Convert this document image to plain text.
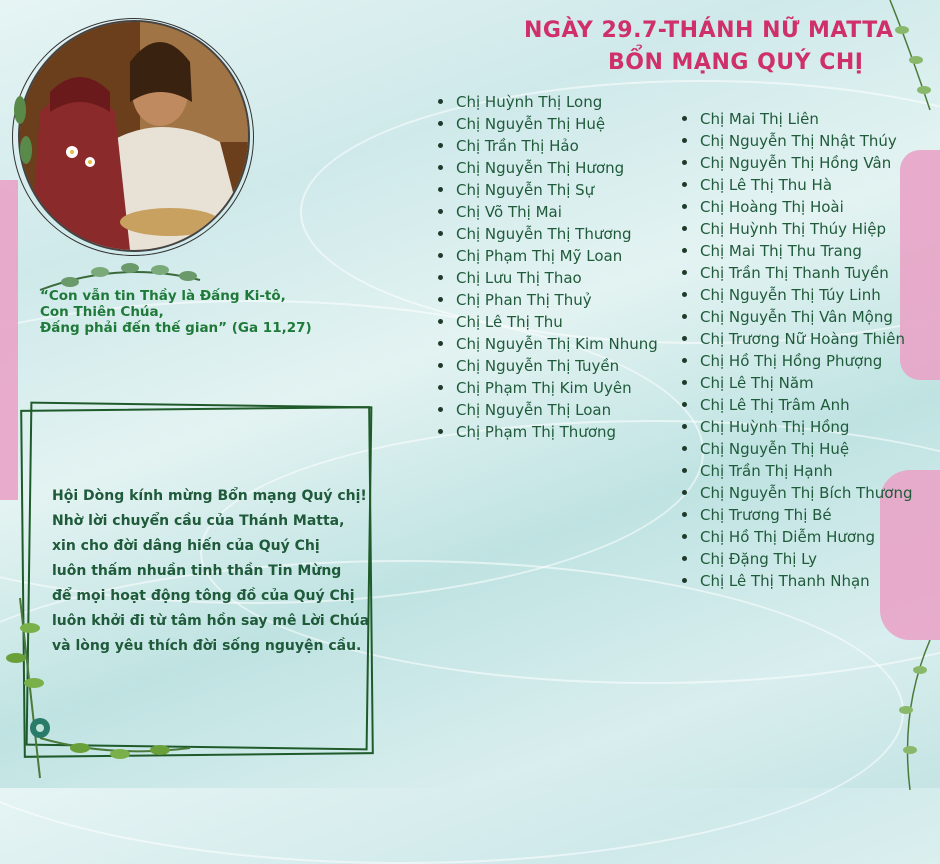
NGÀY 29.7-THÁNH NỮ MATTA
BỔN MẠNG QUÝ CHỊ
“Con vẫn tin Thầy là Đấng Ki-tô,
Con Thiên Chúa,
Đấng phải đến thế gian” (Ga 11,27)
Hội Dòng kính mừng Bổn mạng Quý chị!
Nhờ lời chuyển cầu của Thánh Matta,
xin cho đời dâng hiến của Quý Chị
luôn thấm nhuần tinh thần Tin Mừng
để mọi hoạt động tông đồ của Quý Chị
luôn khởi đi từ tâm hồn say mê Lời Chúa
và lòng yêu thích đời sống nguyện cầu.
Chị Huỳnh Thị Long
Chị Nguyễn Thị Huệ
Chị Trần Thị Hảo
Chị Nguyễn Thị Hương
Chị Nguyễn Thị Sự
Chị Võ Thị Mai
Chị Nguyễn Thị Thương
Chị Phạm Thị Mỹ Loan
Chị Lưu Thị Thao
Chị Phan Thị Thuỷ
Chị Lê Thị Thu
Chị Nguyễn Thị Kim Nhung
Chị Nguyễn Thị Tuyền
Chị Phạm Thị Kim Uyên
Chị Nguyễn Thị Loan
Chị Phạm Thị Thương
Chị Mai Thị Liên
Chị Nguyễn Thị Nhật Thúy
Chị Nguyễn Thị Hồng Vân
Chị Lê Thị Thu Hà
Chị Hoàng Thị Hoài
Chị Huỳnh Thị Thúy Hiệp
Chị Mai Thị Thu Trang
Chị Trần Thị Thanh Tuyền
Chị Nguyễn Thị Túy Linh
Chị Nguyễn Thị Vân Mộng
Chị Trương Nữ Hoàng Thiên
Chị Hồ Thị Hồng Phượng
Chị Lê Thị Năm
Chị Lê Thị Trâm Anh
Chị Huỳnh Thị Hồng
Chị Nguyễn Thị Huệ
Chị Trần Thị Hạnh
Chị Nguyễn Thị Bích Thương
Chị Trương Thị Bé
Chị Hồ Thị Diễm Hương
Chị Đặng Thị Ly
Chị Lê Thị Thanh Nhạn
